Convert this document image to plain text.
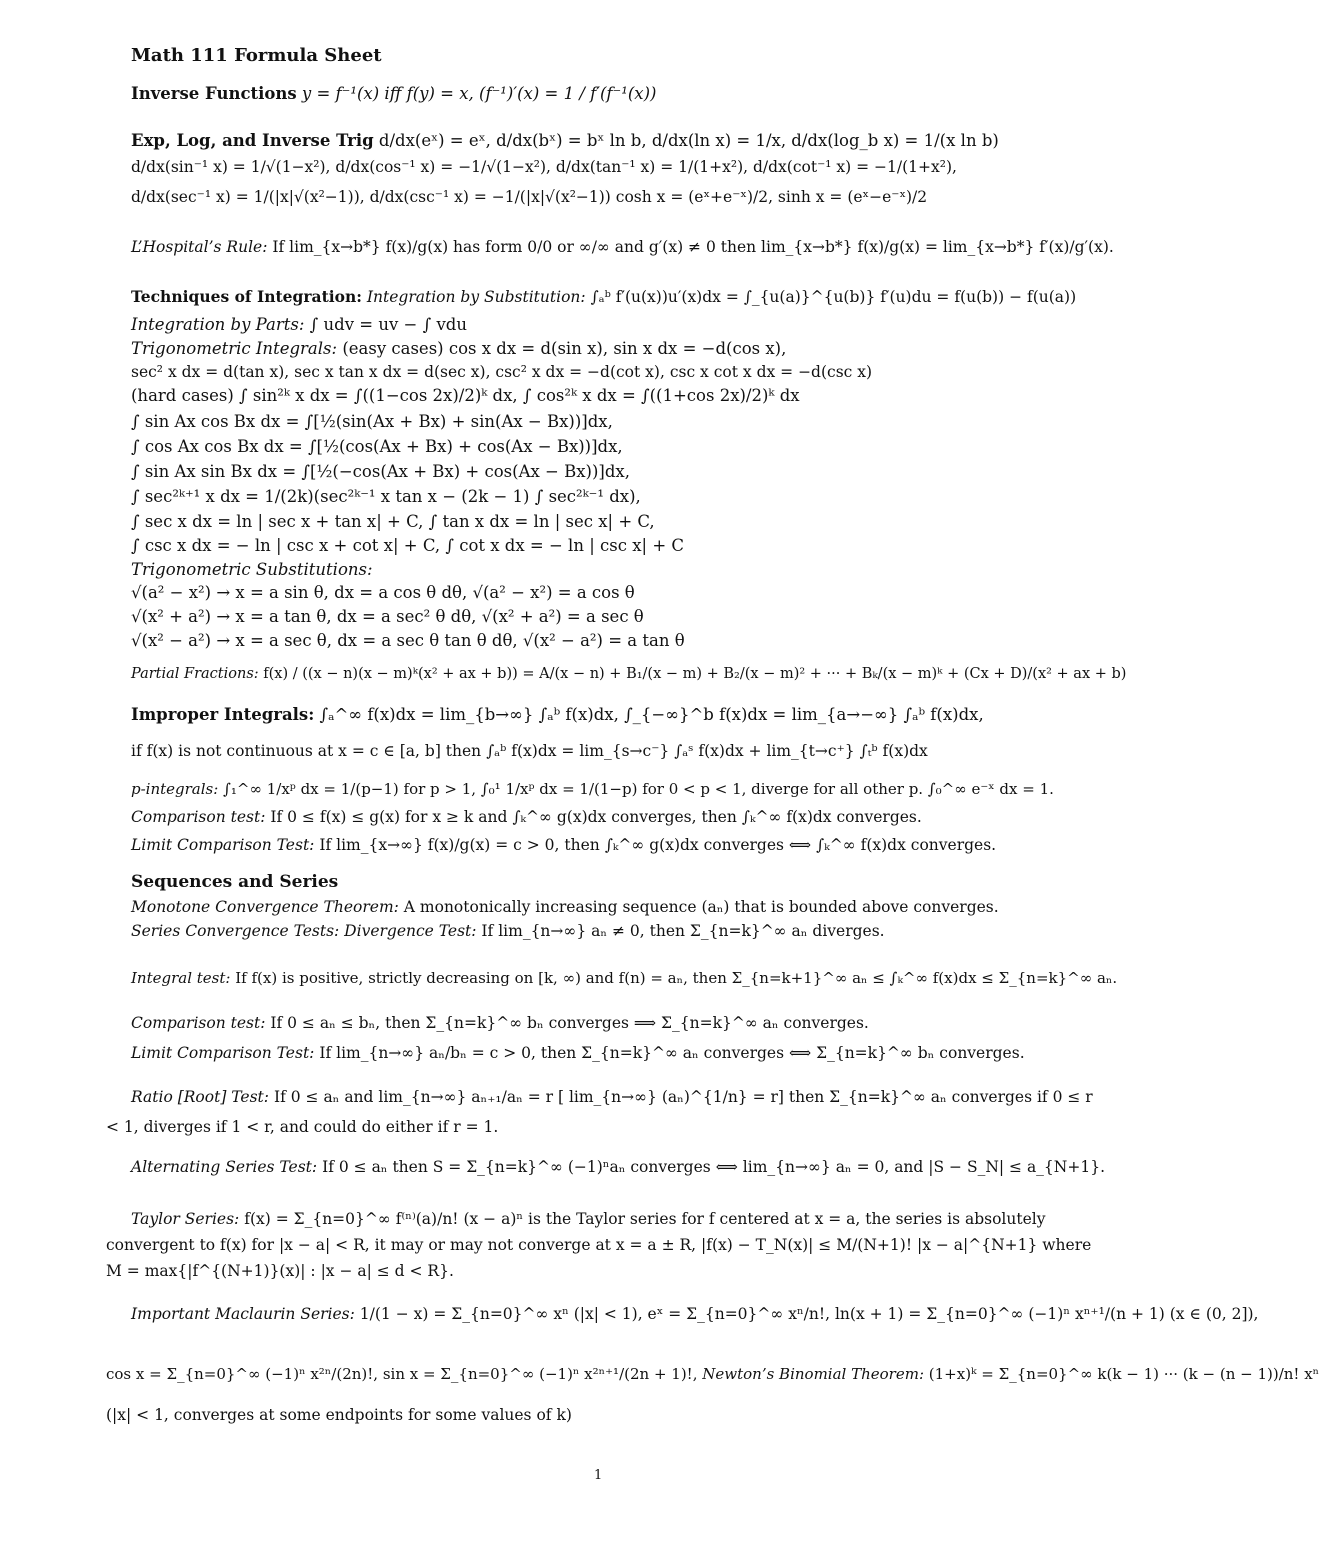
Math 111 Formula Sheet
Inverse Functions y = f⁻¹(x) iff f(y) = x, (f⁻¹)′(x) = 1 / f′(f⁻¹(x))
Exp, Log, and Inverse Trig d/dx(eˣ) = eˣ, d/dx(bˣ) = bˣ ln b, d/dx(ln x) = 1/x, d/dx(log_b x) = 1/(x ln b)
d/dx(sin⁻¹ x) = 1/√(1−x²), d/dx(cos⁻¹ x) = −1/√(1−x²), d/dx(tan⁻¹ x) = 1/(1+x²), d/dx(cot⁻¹ x) = −1/(1+x²),
d/dx(sec⁻¹ x) = 1/(|x|√(x²−1)), d/dx(csc⁻¹ x) = −1/(|x|√(x²−1)) cosh x = (eˣ+e⁻ˣ)/2, sinh x = (eˣ−e⁻ˣ)/2
L’Hospital’s Rule: If lim_{x→b*} f(x)/g(x) has form 0/0 or ∞/∞ and g′(x) ≠ 0 then lim_{x→b*} f(x)/g(x) = lim_{x→b*} f′(x)/g′(x).
Techniques of Integration: Integration by Substitution: ∫ₐᵇ f′(u(x))u′(x)dx = ∫_{u(a)}^{u(b)} f′(u)du = f(u(b)) − f(u(a))
Integration by Parts: ∫ udv = uv − ∫ vdu
Trigonometric Integrals: (easy cases) cos x dx = d(sin x), sin x dx = −d(cos x),
sec² x dx = d(tan x), sec x tan x dx = d(sec x), csc² x dx = −d(cot x), csc x cot x dx = −d(csc x)
(hard cases) ∫ sin²ᵏ x dx = ∫((1−cos 2x)/2)ᵏ dx, ∫ cos²ᵏ x dx = ∫((1+cos 2x)/2)ᵏ dx
∫ sin Ax cos Bx dx = ∫[½(sin(Ax + Bx) + sin(Ax − Bx))]dx,
∫ cos Ax cos Bx dx = ∫[½(cos(Ax + Bx) + cos(Ax − Bx))]dx,
∫ sin Ax sin Bx dx = ∫[½(−cos(Ax + Bx) + cos(Ax − Bx))]dx,
∫ sec²ᵏ⁺¹ x dx = 1/(2k)(sec²ᵏ⁻¹ x tan x − (2k − 1) ∫ sec²ᵏ⁻¹ dx),
∫ sec x dx = ln | sec x + tan x| + C, ∫ tan x dx = ln | sec x| + C,
∫ csc x dx = − ln | csc x + cot x| + C, ∫ cot x dx = − ln | csc x| + C
Trigonometric Substitutions:
√(a² − x²) → x = a sin θ, dx = a cos θ dθ, √(a² − x²) = a cos θ
√(x² + a²) → x = a tan θ, dx = a sec² θ dθ, √(x² + a²) = a sec θ
√(x² − a²) → x = a sec θ, dx = a sec θ tan θ dθ, √(x² − a²) = a tan θ
Partial Fractions: f(x) / ((x − n)(x − m)ᵏ(x² + ax + b)) = A/(x − n) + B₁/(x − m) + B₂/(x − m)² + ··· + Bₖ/(x − m)ᵏ + (Cx + D)/(x² + ax + b)
Improper Integrals: ∫ₐ^∞ f(x)dx = lim_{b→∞} ∫ₐᵇ f(x)dx, ∫_{−∞}^b f(x)dx = lim_{a→−∞} ∫ₐᵇ f(x)dx,
if f(x) is not continuous at x = c ∈ [a, b] then ∫ₐᵇ f(x)dx = lim_{s→c⁻} ∫ₐˢ f(x)dx + lim_{t→c⁺} ∫ₜᵇ f(x)dx
p-integrals: ∫₁^∞ 1/xᵖ dx = 1/(p−1) for p > 1, ∫₀¹ 1/xᵖ dx = 1/(1−p) for 0 < p < 1, diverge for all other p. ∫₀^∞ e⁻ˣ dx = 1.
Comparison test: If 0 ≤ f(x) ≤ g(x) for x ≥ k and ∫ₖ^∞ g(x)dx converges, then ∫ₖ^∞ f(x)dx converges.
Limit Comparison Test: If lim_{x→∞} f(x)/g(x) = c > 0, then ∫ₖ^∞ g(x)dx converges ⟺ ∫ₖ^∞ f(x)dx converges.
Sequences and Series
Monotone Convergence Theorem: A monotonically increasing sequence (aₙ) that is bounded above converges.
Series Convergence Tests: Divergence Test: If lim_{n→∞} aₙ ≠ 0, then Σ_{n=k}^∞ aₙ diverges.
Integral test: If f(x) is positive, strictly decreasing on [k, ∞) and f(n) = aₙ, then Σ_{n=k+1}^∞ aₙ ≤ ∫ₖ^∞ f(x)dx ≤ Σ_{n=k}^∞ aₙ.
Comparison test: If 0 ≤ aₙ ≤ bₙ, then Σ_{n=k}^∞ bₙ converges ⟹ Σ_{n=k}^∞ aₙ converges.
Limit Comparison Test: If lim_{n→∞} aₙ/bₙ = c > 0, then Σ_{n=k}^∞ aₙ converges ⟺ Σ_{n=k}^∞ bₙ converges.
Ratio [Root] Test: If 0 ≤ aₙ and lim_{n→∞} aₙ₊₁/aₙ = r [ lim_{n→∞} (aₙ)^{1/n} = r] then Σ_{n=k}^∞ aₙ converges if 0 ≤ r < 1, diverges if 1 < r, and could do either if r = 1.
Alternating Series Test: If 0 ≤ aₙ then S = Σ_{n=k}^∞ (−1)ⁿaₙ converges ⟺ lim_{n→∞} aₙ = 0, and |S − S_N| ≤ a_{N+1}.
Taylor Series: f(x) = Σ_{n=0}^∞ f⁽ⁿ⁾(a)/n! (x − a)ⁿ is the Taylor series for f centered at x = a, the series is absolutely convergent to f(x) for |x − a| < R, it may or may not converge at x = a ± R, |f(x) − T_N(x)| ≤ M/(N+1)! |x − a|^{N+1} where M = max{|f^{(N+1)}(x)| : |x − a| ≤ d < R}.
Important Maclaurin Series: 1/(1 − x) = Σ_{n=0}^∞ xⁿ (|x| < 1), eˣ = Σ_{n=0}^∞ xⁿ/n!, ln(x + 1) = Σ_{n=0}^∞ (−1)ⁿ xⁿ⁺¹/(n + 1) (x ∈ (0, 2]),
cos x = Σ_{n=0}^∞ (−1)ⁿ x²ⁿ/(2n)!, sin x = Σ_{n=0}^∞ (−1)ⁿ x²ⁿ⁺¹/(2n + 1)!, Newton’s Binomial Theorem: (1+x)ᵏ = Σ_{n=0}^∞ k(k − 1) ··· (k − (n − 1))/n! xⁿ
(|x| < 1, converges at some endpoints for some values of k)
1
